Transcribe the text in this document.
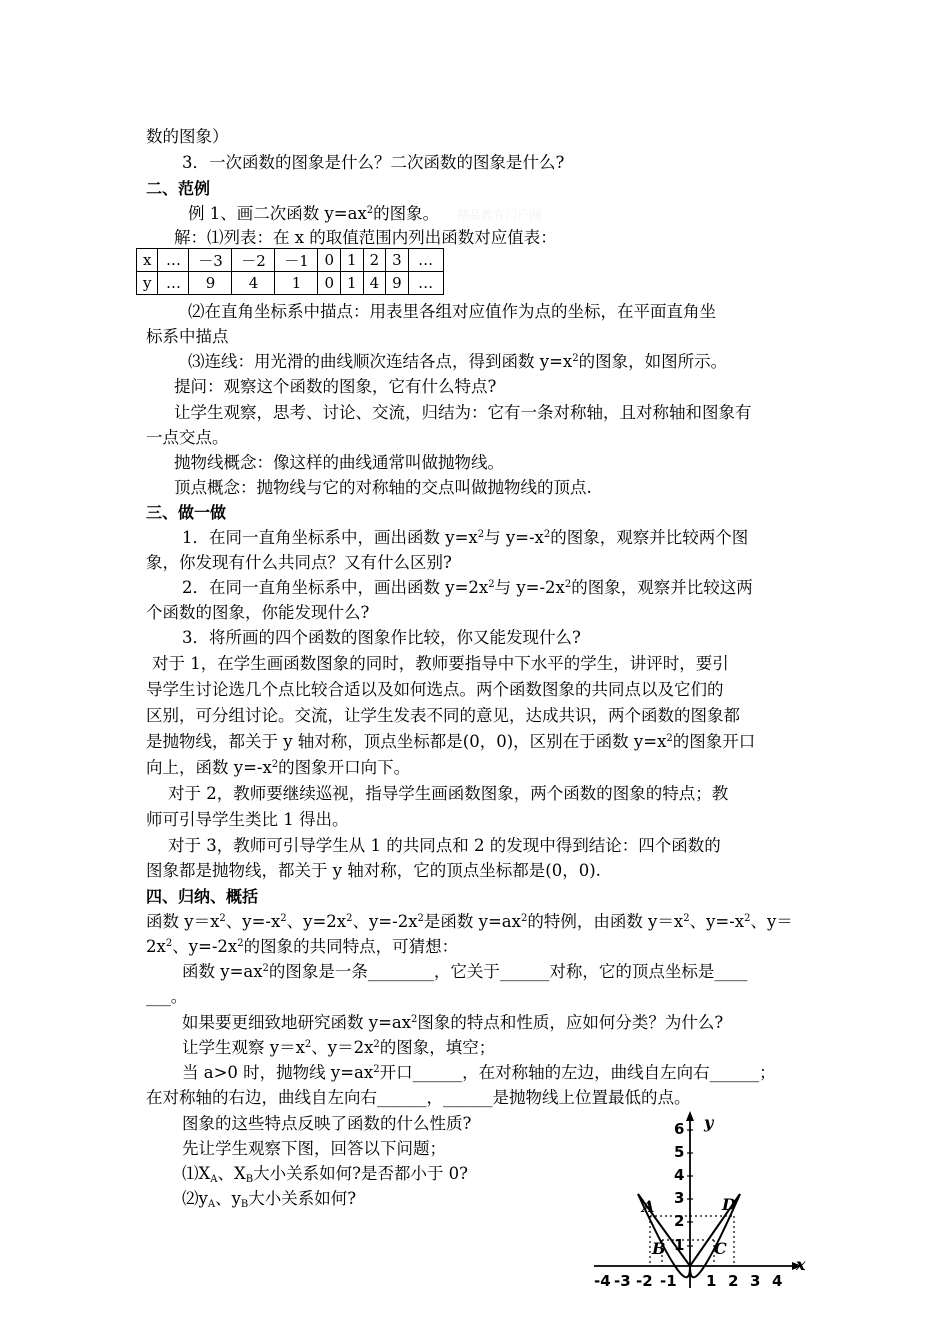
数的图象）
3．一次函数的图象是什么？二次函数的图象是什么?
二、范例
例 1、画二次函数 $y=ax^2$的图象。 精品教育门户网
解：⑴列表：在 x 的取值范围内列出函数对应值表：
x	…	－3	－2	－1	0	1	2	3	…
y	…	9	4	1	0	1	4	9	…
⑵在直角坐标系中描点：用表里各组对应值作为点的坐标，在平面直角坐
标系中描点
⑶连线：用光滑的曲线顺次连结各点，得到函数 $y=x^2$的图象，如图所示。
提问：观察这个函数的图象，它有什么特点?
让学生观察，思考、讨论、交流，归结为：它有一条对称轴，且对称轴和图象有
一点交点。
抛物线概念：像这样的曲线通常叫做抛物线。
顶点概念：抛物线与它的对称轴的交点叫做抛物线的顶点.
三、做一做
1．在同一直角坐标系中，画出函数 $y=x^2$与 $y=-x^2$的图象，观察并比较两个图
象，你发现有什么共同点？又有什么区别?
2．在同一直角坐标系中，画出函数 $y=2x^2$与 $y=-2x^2$的图象，观察并比较这两
个函数的图象，你能发现什么?
3．将所画的四个函数的图象作比较，你又能发现什么?
对于 1，在学生画函数图象的同时，教师要指导中下水平的学生，讲评时，要引
导学生讨论选几个点比较合适以及如何选点。两个函数图象的共同点以及它们的
区别，可分组讨论。交流，让学生发表不同的意见，达成共识，两个函数的图象都
是抛物线，都关于 y 轴对称，顶点坐标都是(0，0)，区别在于函数 $y=x^2$的图象开口
向上，函数 $y=-x^2$的图象开口向下。
对于 2，教师要继续巡视，指导学生画函数图象，两个函数的图象的特点；教
师可引导学生类比 1 得出。
对于 3，教师可引导学生从 1 的共同点和 2 的发现中得到结论：四个函数的
图象都是抛物线，都关于 y 轴对称，它的顶点坐标都是(0，0).
四、归纳、概括
函数 $y=x^2$、$y=-x^2$、$y=2x^2$、$y=-2x^2$是函数 $y=ax^2$的特例，由函数 $y=x^2$、$y=-x^2$、y＝
$2x^2$、$y=-2x^2$的图象的共同特点，可猜想：
函数 $y=ax^2$的图象是一条________，它关于______对称，它的顶点坐标是____
___。
如果要更细致地研究函数 $y=ax^2$图象的特点和性质，应如何分类？为什么?
让学生观察 $y=x^2$、$y=2x^2$的图象，填空；
当 a>0 时，抛物线 $y=ax^2$开口______，在对称轴的左边，曲线自左向右______；
在对称轴的右边，曲线自左向右______，______是抛物线上位置最低的点。
图象的这些特点反映了函数的什么性质?
先让学生观察下图，回答以下问题；
$⑴X_A$、$X_B$大小关系如何?是否都小于 0?
$⑵y_A$、$y_B$大小关系如何?
-4 -3 -2 -1 1 2 3 4
1
2
3
4
5
6 y
x
A
B	C
D
